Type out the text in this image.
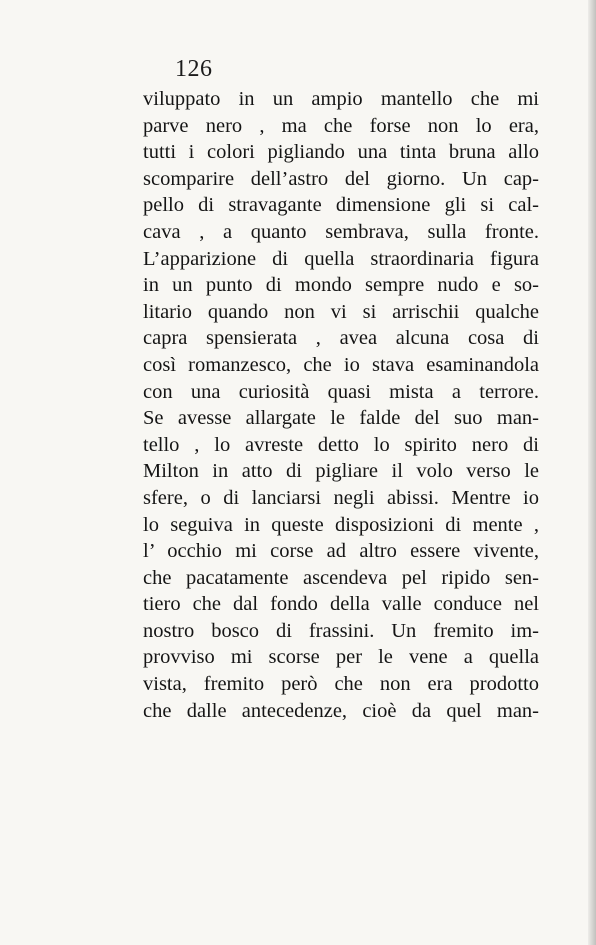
126
viluppato in un ampio mantello che mi
parve nero , ma che forse non lo era,
tutti i colori pigliando una tinta bruna allo
scomparire dell’astro del giorno. Un cap-
pello di stravagante dimensione gli si cal-
cava , a quanto sembrava, sulla fronte.
L’apparizione di quella straordinaria figura
in un punto di mondo sempre nudo e so-
litario quando non vi si arrischii qualche
capra spensierata , avea alcuna cosa di
così romanzesco, che io stava esaminandola
con una curiosità quasi mista a terrore.
Se avesse allargate le falde del suo man-
tello , lo avreste detto lo spirito nero di
Milton in atto di pigliare il volo verso le
sfere, o di lanciarsi negli abissi. Mentre io
lo seguiva in queste disposizioni di mente ,
l’ occhio mi corse ad altro essere vivente,
che pacatamente ascendeva pel ripido sen-
tiero che dal fondo della valle conduce nel
nostro bosco di frassini. Un fremito im-
provviso mi scorse per le vene a quella
vista, fremito però che non era prodotto
che dalle antecedenze, cioè da quel man-
